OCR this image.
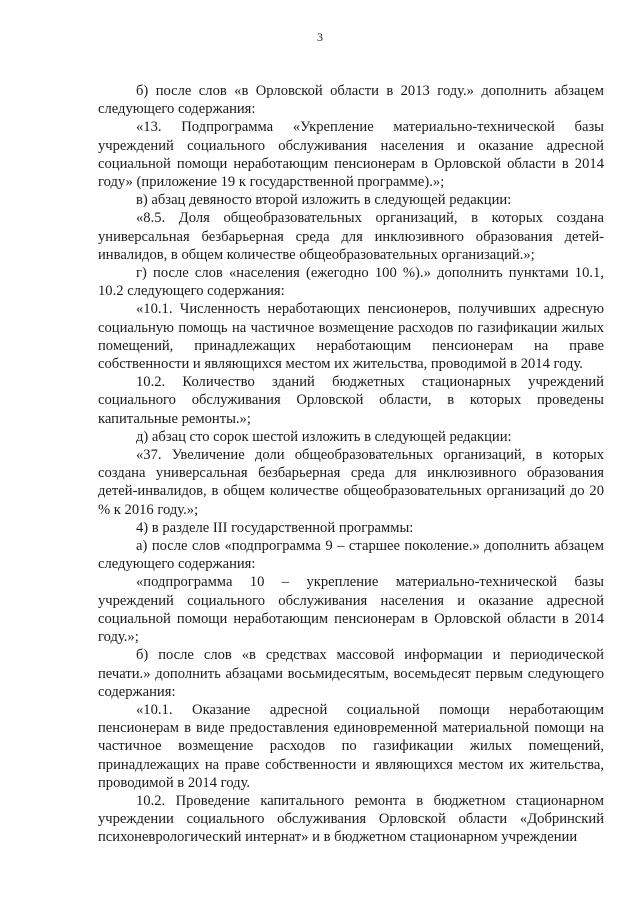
3

б) после слов «в Орловской области в 2013 году.» дополнить абзацем следующего содержания:

«13. Подпрограмма «Укрепление материально-технической базы учреждений социального обслуживания населения и оказание адресной социальной помощи неработающим пенсионерам в Орловской области в 2014 году» (приложение 19 к государственной программе).»;

в) абзац девяносто второй изложить в следующей редакции:

«8.5. Доля общеобразовательных организаций, в которых создана универсальная безбарьерная среда для инклюзивного образования детей-инвалидов, в общем количестве общеобразовательных организаций.»;

г) после слов «населения (ежегодно 100 %).» дополнить пунктами 10.1, 10.2 следующего содержания:

«10.1. Численность неработающих пенсионеров, получивших адресную социальную помощь на частичное возмещение расходов по газификации жилых помещений, принадлежащих неработающим пенсионерам на праве собственности и являющихся местом их жительства, проводимой в 2014 году.

10.2. Количество зданий бюджетных стационарных учреждений социального обслуживания Орловской области, в которых проведены капитальные ремонты.»;

д) абзац сто сорок шестой изложить в следующей редакции:

«37. Увеличение доли общеобразовательных организаций, в которых создана универсальная безбарьерная среда для инклюзивного образования детей-инвалидов, в общем количестве общеобразовательных организаций до 20 % к 2016 году.»;

4) в разделе III государственной программы:

а) после слов «подпрограмма 9 – старшее поколение.» дополнить абзацем следующего содержания:

«подпрограмма 10 – укрепление материально-технической базы учреждений социального обслуживания населения и оказание адресной социальной помощи неработающим пенсионерам в Орловской области в 2014 году.»;

б) после слов «в средствах массовой информации и периодической печати.» дополнить абзацами восьмидесятым, восемьдесят первым следующего содержания:

«10.1. Оказание адресной социальной помощи неработающим пенсионерам в виде предоставления единовременной материальной помощи на частичное возмещение расходов по газификации жилых помещений, принадлежащих на праве собственности и являющихся местом их жительства, проводимой в 2014 году.

10.2. Проведение капитального ремонта в бюджетном стационарном учреждении социального обслуживания Орловской области «Добринский психоневрологический интернат» и в бюджетном стационарном учреждении
